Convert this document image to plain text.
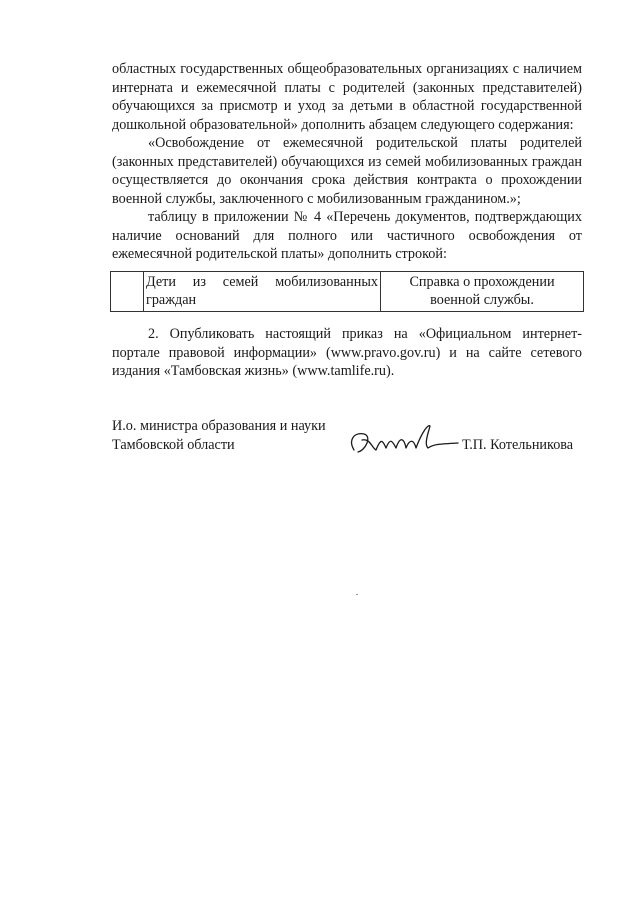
областных государственных общеобразовательных организациях с наличием интерната и ежемесячной платы с родителей (законных представителей) обучающихся за присмотр и уход за детьми в областной государственной дошкольной образовательной» дополнить абзацем следующего содержания:
«Освобождение от ежемесячной родительской платы родителей (законных представителей) обучающихся из семей мобилизованных граждан осуществляется до окончания срока действия контракта о прохождении военной службы, заключенного с мобилизованным гражданином.»;
таблицу в приложении № 4 «Перечень документов, подтверждающих наличие оснований для полного или частичного освобождения от ежемесячной родительской платы» дополнить строкой:
	Дети из семей мобилизованных граждан	Справка о прохождении военной службы.
2. Опубликовать настоящий приказ на «Официальном интернет-портале правовой информации» (www.pravo.gov.ru) и на сайте сетевого издания «Тамбовская жизнь» (www.tamlife.ru).
И.о. министра образования и науки
Тамбовской области	Т.П. Котельникова
